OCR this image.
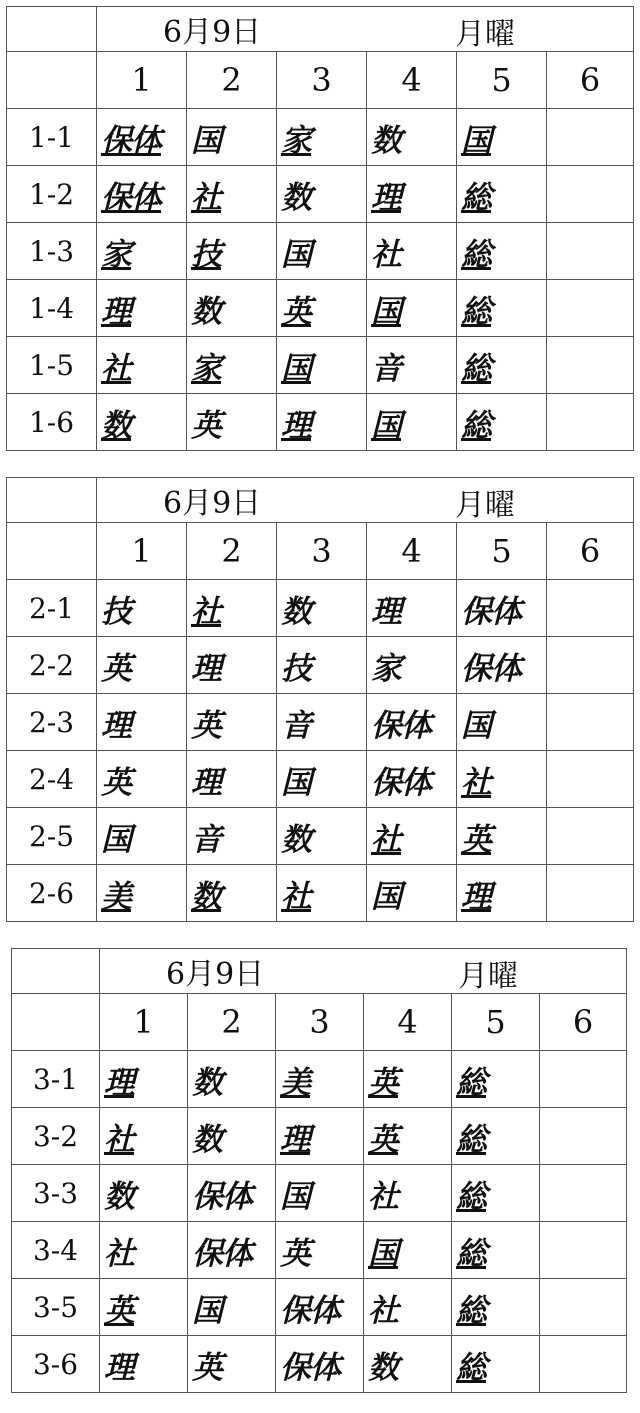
	6月9日 月曜					

	1	2	3	4	5	6
1-1	保体	国	家	数	国	
1-2	保体	社	数	理	総	
1-3	家	技	国	社	総	
1-4	理	数	英	国	総	
1-5	社	家	国	音	総	
1-6	数	英	理	国	総	
	6月9日 月曜					

	1	2	3	4	5	6
2-1	技	社	数	理	保体	
2-2	英	理	技	家	保体	
2-3	理	英	音	保体	国	
2-4	英	理	国	保体	社	
2-5	国	音	数	社	英	
2-6	美	数	社	国	理	
	6月9日 月曜					

	1	2	3	4	5	6
3-1	理	数	美	英	総	
3-2	社	数	理	英	総	
3-3	数	保体	国	社	総	
3-4	社	保体	英	国	総	
3-5	英	国	保体	社	総	
3-6	理	英	保体	数	総	
